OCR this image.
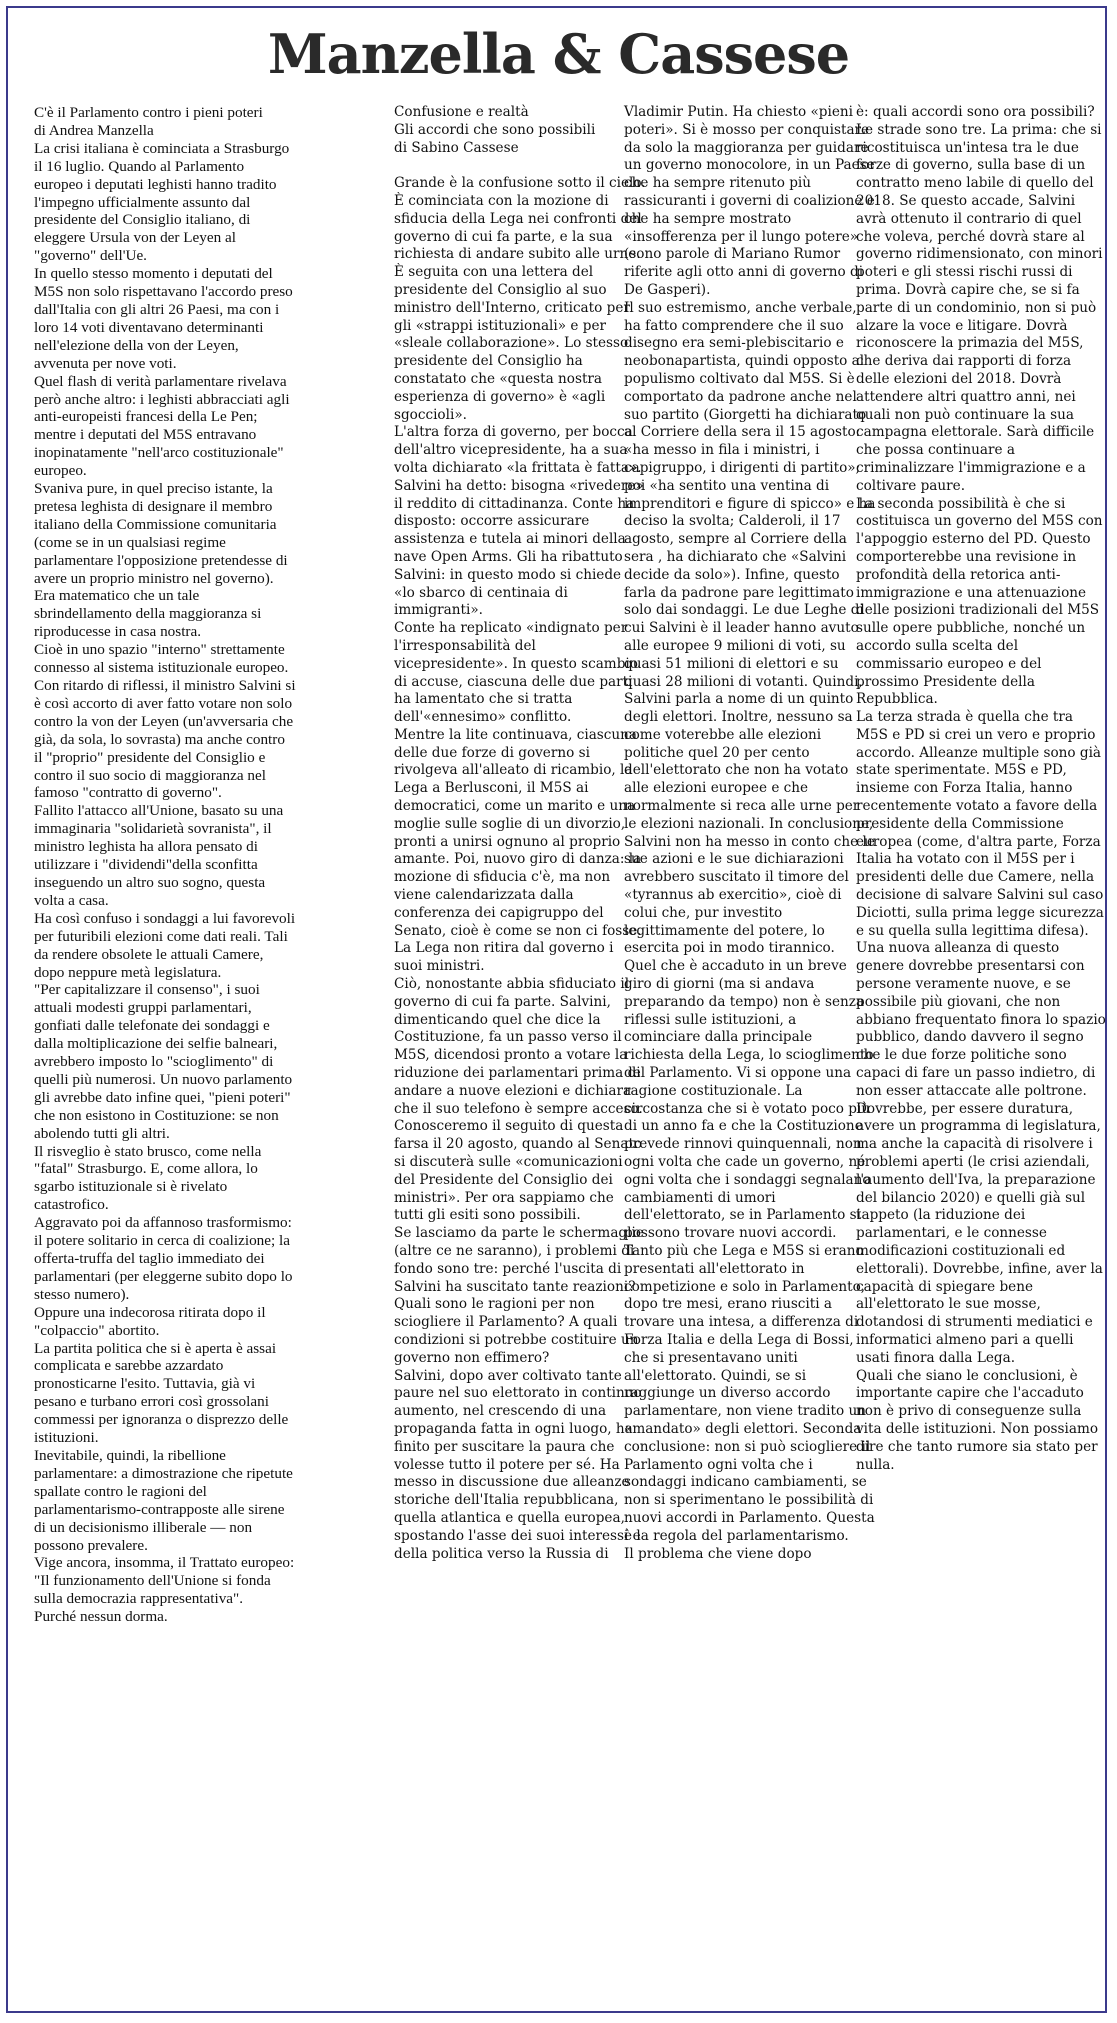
Manzella & Cassese

C'è il Parlamento contro i pieni poteri

di Andrea Manzella

La crisi italiana è cominciata a Strasburgo il 16 luglio. Quando al Parlamento europeo i deputati leghisti hanno tradito l'impegno ufficialmente assunto dal presidente del Consiglio italiano, di eleggere Ursula von der Leyen al "governo" dell'Ue.

In quello stesso momento i deputati del M5S non solo rispettavano l'accordo preso dall'Italia con gli altri 26 Paesi, ma con i loro 14 voti diventavano determinanti nell'elezione della von der Leyen, avvenuta per nove voti.

Quel flash di verità parlamentare rivelava però anche altro: i leghisti abbracciati agli anti-europeisti francesi della Le Pen; mentre i deputati del M5S entravano inopinatamente "nell'arco costituzionale" europeo.

Svaniva pure, in quel preciso istante, la pretesa leghista di designare il membro italiano della Commissione comunitaria (come se in un qualsiasi regime parlamentare l'opposizione pretendesse di avere un proprio ministro nel governo).

Era matematico che un tale sbrindellamento della maggioranza si riproducesse in casa nostra.

Cioè in uno spazio "interno" strettamente connesso al sistema istituzionale europeo.

Con ritardo di riflessi, il ministro Salvini si è così accorto di aver fatto votare non solo contro la von der Leyen (un'avversaria che già, da sola, lo sovrasta) ma anche contro il "proprio" presidente del Consiglio e contro il suo socio di maggioranza nel famoso "contratto di governo".

Fallito l'attacco all'Unione, basato su una immaginaria "solidarietà sovranista", il ministro leghista ha allora pensato di utilizzare i "dividendi"della sconfitta inseguendo un altro suo sogno, questa volta a casa.

Ha così confuso i sondaggi a lui favorevoli per futuribili elezioni come dati reali. Tali da rendere obsolete le attuali Camere, dopo neppure metà legislatura.

"Per capitalizzare il consenso", i suoi attuali modesti gruppi parlamentari, gonfiati dalle telefonate dei sondaggi e dalla moltiplicazione dei selfie balneari, avrebbero imposto lo "scioglimento" di quelli più numerosi. Un nuovo parlamento gli avrebbe dato infine quei, "pieni poteri" che non esistono in Costituzione: se non abolendo tutti gli altri.

Il risveglio è stato brusco, come nella "fatal" Strasburgo. E, come allora, lo sgarbo istituzionale si è rivelato catastrofico.

Aggravato poi da affannoso trasformismo: il potere solitario in cerca di coalizione; la offerta-truffa del taglio immediato dei parlamentari (per eleggerne subito dopo lo stesso numero).

Oppure una indecorosa ritirata dopo il "colpaccio" abortito.

La partita politica che si è aperta è assai complicata e sarebbe azzardato pronosticarne l'esito. Tuttavia, già vi pesano e turbano errori così grossolani commessi per ignoranza o disprezzo delle istituzioni.

Inevitabile, quindi, la ribellione parlamentare: a dimostrazione che ripetute spallate contro le ragioni del parlamentarismo-contrapposte alle sirene di un decisionismo illiberale — non possono prevalere.

Vige ancora, insomma, il Trattato europeo: "Il funzionamento dell'Unione si fonda sulla democrazia rappresentativa".

Purché nessun dorma.

Confusione e realtà

Gli accordi che sono possibili

di Sabino Cassese

Grande è la confusione sotto il cielo. È cominciata con la mozione di sfiducia della Lega nei confronti del governo di cui fa parte, e la sua richiesta di andare subito alle urne. È seguita con una lettera del presidente del Consiglio al suo ministro dell'Interno, criticato per gli «strappi istituzionali» e per «sleale collaborazione». Lo stesso presidente del Consiglio ha constatato che «questa nostra esperienza di governo» è «agli sgoccioli».

L'altra forza di governo, per bocca dell'altro vicepresidente, ha a sua volta dichiarato «la frittata è fatta». Salvini ha detto: bisogna «rivedere» il reddito di cittadinanza. Conte ha disposto: occorre assicurare assistenza e tutela ai minori della nave Open Arms. Gli ha ribattuto Salvini: in questo modo si chiede «lo sbarco di centinaia di immigranti».

Conte ha replicato «indignato per l'irresponsabilità del vicepresidente». In questo scambio di accuse, ciascuna delle due parti ha lamentato che si tratta dell'«ennesimo» conflitto.

Mentre la lite continuava, ciascuna delle due forze di governo si rivolgeva all'alleato di ricambio, la Lega a Berlusconi, il M5S ai democratici, come un marito e una moglie sulle soglie di un divorzio, pronti a unirsi ognuno al proprio amante. Poi, nuovo giro di danza: la mozione di sfiducia c'è, ma non viene calendarizzata dalla conferenza dei capigruppo del Senato, cioè è come se non ci fosse. La Lega non ritira dal governo i suoi ministri.

Ciò, nonostante abbia sfiduciato il governo di cui fa parte. Salvini, dimenticando quel che dice la Costituzione, fa un passo verso il M5S, dicendosi pronto a votare la riduzione dei parlamentari prima di andare a nuove elezioni e dichiara che il suo telefono è sempre acceso.

Conosceremo il seguito di questa farsa il 20 agosto, quando al Senato si discuterà sulle «comunicazioni del Presidente del Consiglio dei ministri». Per ora sappiamo che tutti gli esiti sono possibili.

Se lasciamo da parte le schermaglie (altre ce ne saranno), i problemi di fondo sono tre: perché l'uscita di Salvini ha suscitato tante reazioni? Quali sono le ragioni per non sciogliere il Parlamento? A quali condizioni si potrebbe costituire un governo non effimero?

Salvini, dopo aver coltivato tante paure nel suo elettorato in continuo aumento, nel crescendo di una propaganda fatta in ogni luogo, ha finito per suscitare la paura che volesse tutto il potere per sé. Ha messo in discussione due alleanze storiche dell'Italia repubblicana, quella atlantica e quella europea, spostando l'asse dei suoi interessi e della politica verso la Russia di

Vladimir Putin. Ha chiesto «pieni poteri». Si è mosso per conquistare da solo la maggioranza per guidare un governo monocolore, in un Paese che ha sempre ritenuto più rassicuranti i governi di coalizione e che ha sempre mostrato «insofferenza per il lungo potere» (sono parole di Mariano Rumor riferite agli otto anni di governo di De Gasperi).

Il suo estremismo, anche verbale, ha fatto comprendere che il suo disegno era semi-plebiscitario e neobonapartista, quindi opposto al populismo coltivato dal M5S. Si è comportato da padrone anche nel suo partito (Giorgetti ha dichiarato al Corriere della sera il 15 agosto: «ha messo in fila i ministri, i capigruppo, i dirigenti di partito»; poi «ha sentito una ventina di imprenditori e figure di spicco» e ha deciso la svolta; Calderoli, il 17 agosto, sempre al Corriere della sera , ha dichiarato che «Salvini decide da solo»). Infine, questo farla da padrone pare legittimato solo dai sondaggi. Le due Leghe di cui Salvini è il leader hanno avuto alle europee 9 milioni di voti, su quasi 51 milioni di elettori e su quasi 28 milioni di votanti. Quindi, Salvini parla a nome di un quinto degli elettori. Inoltre, nessuno sa come voterebbe alle elezioni politiche quel 20 per cento dell'elettorato che non ha votato alle elezioni europee e che normalmente si reca alle urne per le elezioni nazionali. In conclusione, Salvini non ha messo in conto che le sue azioni e le sue dichiarazioni avrebbero suscitato il timore del «tyrannus ab exercitio», cioè di colui che, pur investito legittimamente del potere, lo esercita poi in modo tirannico.

Quel che è accaduto in un breve giro di giorni (ma si andava preparando da tempo) non è senza riflessi sulle istituzioni, a cominciare dalla principale richiesta della Lega, lo scioglimento del Parlamento. Vi si oppone una ragione costituzionale. La circostanza che si è votato poco più di un anno fa e che la Costituzione prevede rinnovi quinquennali, non ogni volta che cade un governo, né ogni volta che i sondaggi segnalano cambiamenti di umori dell'elettorato, se in Parlamento si possono trovare nuovi accordi. Tanto più che Lega e M5S si erano presentati all'elettorato in competizione e solo in Parlamento, dopo tre mesi, erano riusciti a trovare una intesa, a differenza di Forza Italia e della Lega di Bossi, che si presentavano uniti all'elettorato. Quindi, se si raggiunge un diverso accordo parlamentare, non viene tradito un «mandato» degli elettori. Seconda conclusione: non si può sciogliere il Parlamento ogni volta che i sondaggi indicano cambiamenti, se non si sperimentano le possibilità di nuovi accordi in Parlamento. Questa è la regola del parlamentarismo.

Il problema che viene dopo

è: quali accordi sono ora possibili? Le strade sono tre. La prima: che si ricostituisca un'intesa tra le due forze di governo, sulla base di un contratto meno labile di quello del 2018. Se questo accade, Salvini avrà ottenuto il contrario di quel che voleva, perché dovrà stare al governo ridimensionato, con minori poteri e gli stessi rischi russi di prima. Dovrà capire che, se si fa parte di un condominio, non si può alzare la voce e litigare. Dovrà riconoscere la primazia del M5S, che deriva dai rapporti di forza delle elezioni del 2018. Dovrà attendere altri quattro anni, nei quali non può continuare la sua campagna elettorale. Sarà difficile che possa continuare a criminalizzare l'immigrazione e a coltivare paure.

La seconda possibilità è che si costituisca un governo del M5S con l'appoggio esterno del PD. Questo comporterebbe una revisione in profondità della retorica anti-immigrazione e una attenuazione delle posizioni tradizionali del M5S sulle opere pubbliche, nonché un accordo sulla scelta del commissario europeo e del prossimo Presidente della Repubblica.

La terza strada è quella che tra M5S e PD si crei un vero e proprio accordo. Alleanze multiple sono già state sperimentate. M5S e PD, insieme con Forza Italia, hanno recentemente votato a favore della presidente della Commissione europea (come, d'altra parte, Forza Italia ha votato con il M5S per i presidenti delle due Camere, nella decisione di salvare Salvini sul caso Diciotti, sulla prima legge sicurezza e su quella sulla legittima difesa). Una nuova alleanza di questo genere dovrebbe presentarsi con persone veramente nuove, e se possibile più giovani, che non abbiano frequentato finora lo spazio pubblico, dando davvero il segno che le due forze politiche sono capaci di fare un passo indietro, di non esser attaccate alle poltrone. Dovrebbe, per essere duratura, avere un programma di legislatura, ma anche la capacità di risolvere i problemi aperti (le crisi aziendali, l'aumento dell'Iva, la preparazione del bilancio 2020) e quelli già sul tappeto (la riduzione dei parlamentari, e le connesse modificazioni costituzionali ed elettorali). Dovrebbe, infine, aver la capacità di spiegare bene all'elettorato le sue mosse, dotandosi di strumenti mediatici e informatici almeno pari a quelli usati finora dalla Lega.

Quali che siano le conclusioni, è importante capire che l'accaduto non è privo di conseguenze sulla vita delle istituzioni. Non possiamo dire che tanto rumore sia stato per nulla.
